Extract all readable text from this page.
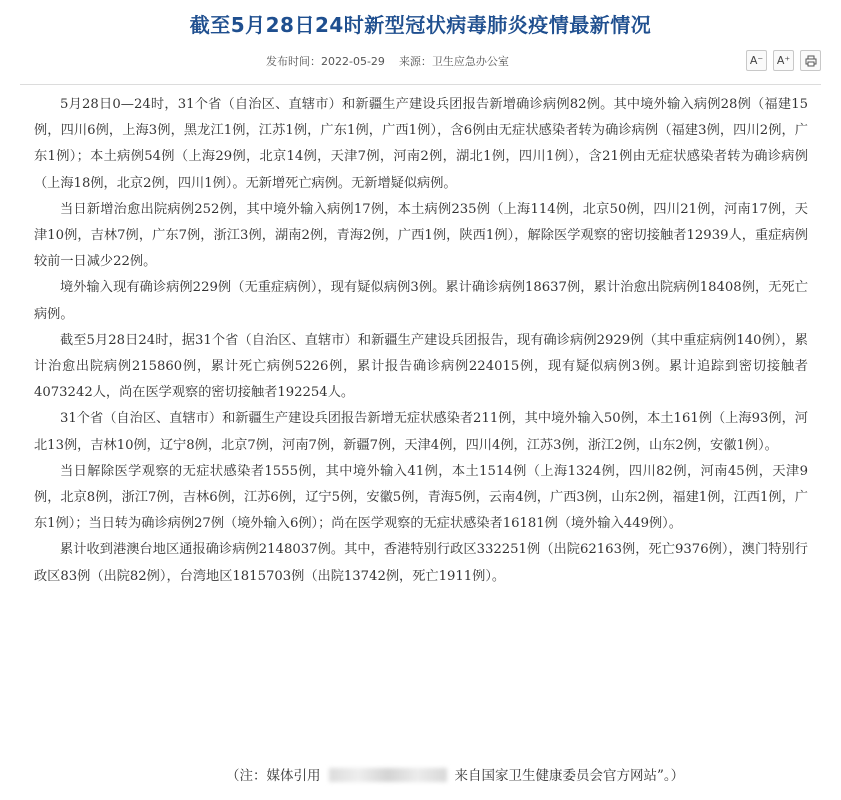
截至5月28日24时新型冠状病毒肺炎疫情最新情况
发布时间：2022-05-29 来源：卫生应急办公室	A⁻ A⁺

5月28日0—24时，31个省（自治区、直辖市）和新疆生产建设兵团报告新增确诊病例82例。其中境外输入病例28例（福建15例，四川6例，上海3例，黑龙江1例，江苏1例，广东1例，广西1例），含6例由无症状感染者转为确诊病例（福建3例，四川2例，广东1例）；本土病例54例（上海29例，北京14例，天津7例，河南2例，湖北1例，四川1例），含21例由无症状感染者转为确诊病例（上海18例，北京2例，四川1例）。无新增死亡病例。无新增疑似病例。

当日新增治愈出院病例252例，其中境外输入病例17例，本土病例235例（上海114例，北京50例，四川21例，河南17例，天津10例，吉林7例，广东7例，浙江3例，湖南2例，青海2例，广西1例，陕西1例），解除医学观察的密切接触者12939人，重症病例较前一日减少22例。

境外输入现有确诊病例229例（无重症病例），现有疑似病例3例。累计确诊病例18637例，累计治愈出院病例18408例，无死亡病例。

截至5月28日24时，据31个省（自治区、直辖市）和新疆生产建设兵团报告，现有确诊病例2929例（其中重症病例140例），累计治愈出院病例215860例，累计死亡病例5226例，累计报告确诊病例224015例，现有疑似病例3例。累计追踪到密切接触者4073242人，尚在医学观察的密切接触者192254人。

31个省（自治区、直辖市）和新疆生产建设兵团报告新增无症状感染者211例，其中境外输入50例，本土161例（上海93例，河北13例，吉林10例，辽宁8例，北京7例，河南7例，新疆7例，天津4例，四川4例，江苏3例，浙江2例，山东2例，安徽1例）。

当日解除医学观察的无症状感染者1555例，其中境外输入41例，本土1514例（上海1324例，四川82例，河南45例，天津9例，北京8例，浙江7例，吉林6例，江苏6例，辽宁5例，安徽5例，青海5例，云南4例，广西3例，山东2例，福建1例，江西1例，广东1例）；当日转为确诊病例27例（境外输入6例）；尚在医学观察的无症状感染者16181例（境外输入449例）。

累计收到港澳台地区通报确诊病例2148037例。其中，香港特别行政区332251例（出院62163例，死亡9376例），澳门特别行政区83例（出院82例），台湾地区1815703例（出院13742例，死亡1911例）。

（注：媒体引用	来自国家卫生健康委员会官方网站”。）
